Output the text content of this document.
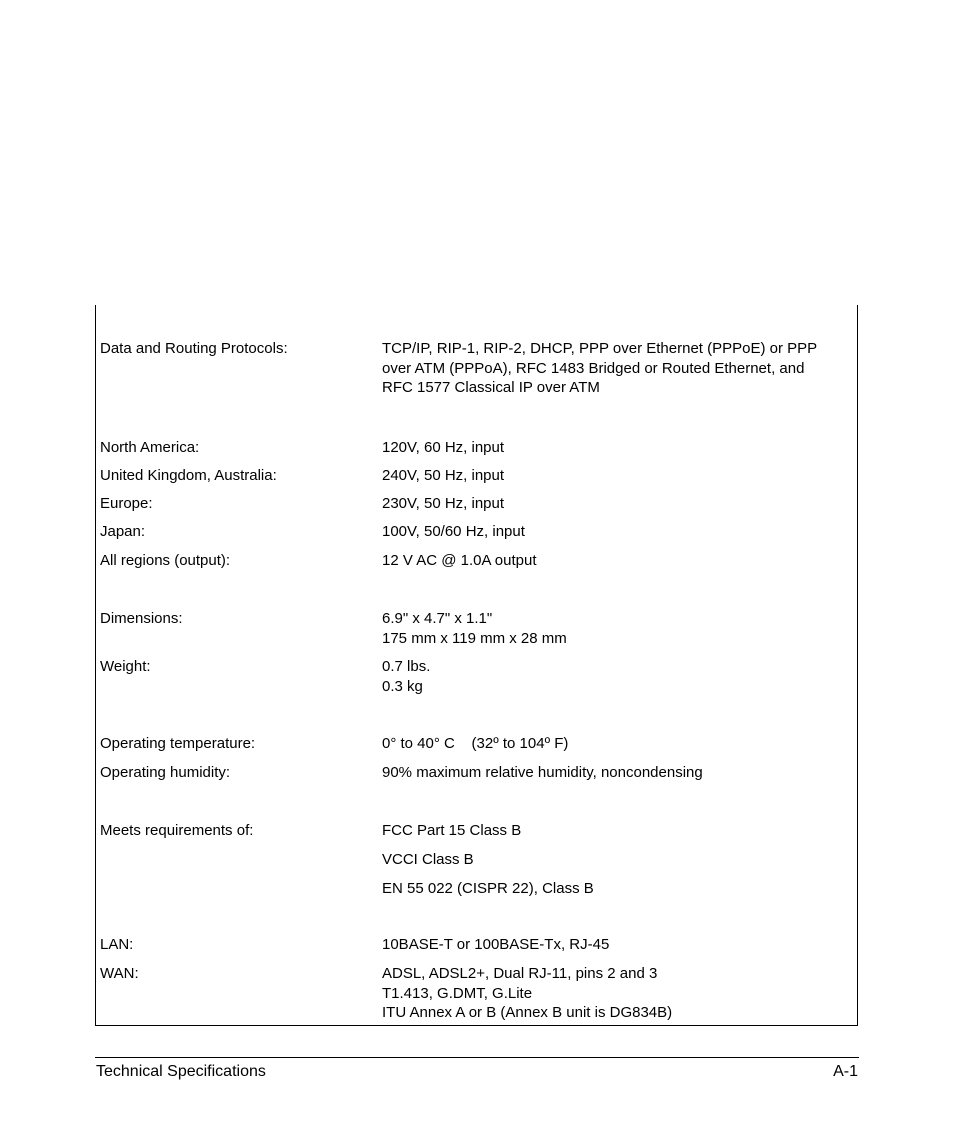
Data and Routing Protocols:	TCP/IP, RIP-1, RIP-2, DHCP, PPP over Ethernet (PPPoE) or PPP
over ATM (PPPoA), RFC 1483 Bridged or Routed Ethernet, and
RFC 1577 Classical IP over ATM
North America:	120V, 60 Hz, input
United Kingdom, Australia:	240V, 50 Hz, input
Europe:	230V, 50 Hz, input
Japan:	100V, 50/60 Hz, input
All regions (output):	12 V AC @ 1.0A output
Dimensions:	6.9" x 4.7" x 1.1"
175 mm x 119 mm x 28 mm
Weight:	0.7 lbs.
0.3 kg
Operating temperature:	0° to 40° C    (32º to 104º F)
Operating humidity:	90% maximum relative humidity, noncondensing
Meets requirements of:	FCC Part 15 Class B
VCCI Class B
EN 55 022 (CISPR 22), Class B
LAN:	10BASE-T or 100BASE-Tx, RJ-45
WAN:	ADSL, ADSL2+, Dual RJ-11, pins 2 and 3
T1.413, G.DMT, G.Lite
ITU Annex A or B (Annex B unit is DG834B)
Technical Specifications	A-1
